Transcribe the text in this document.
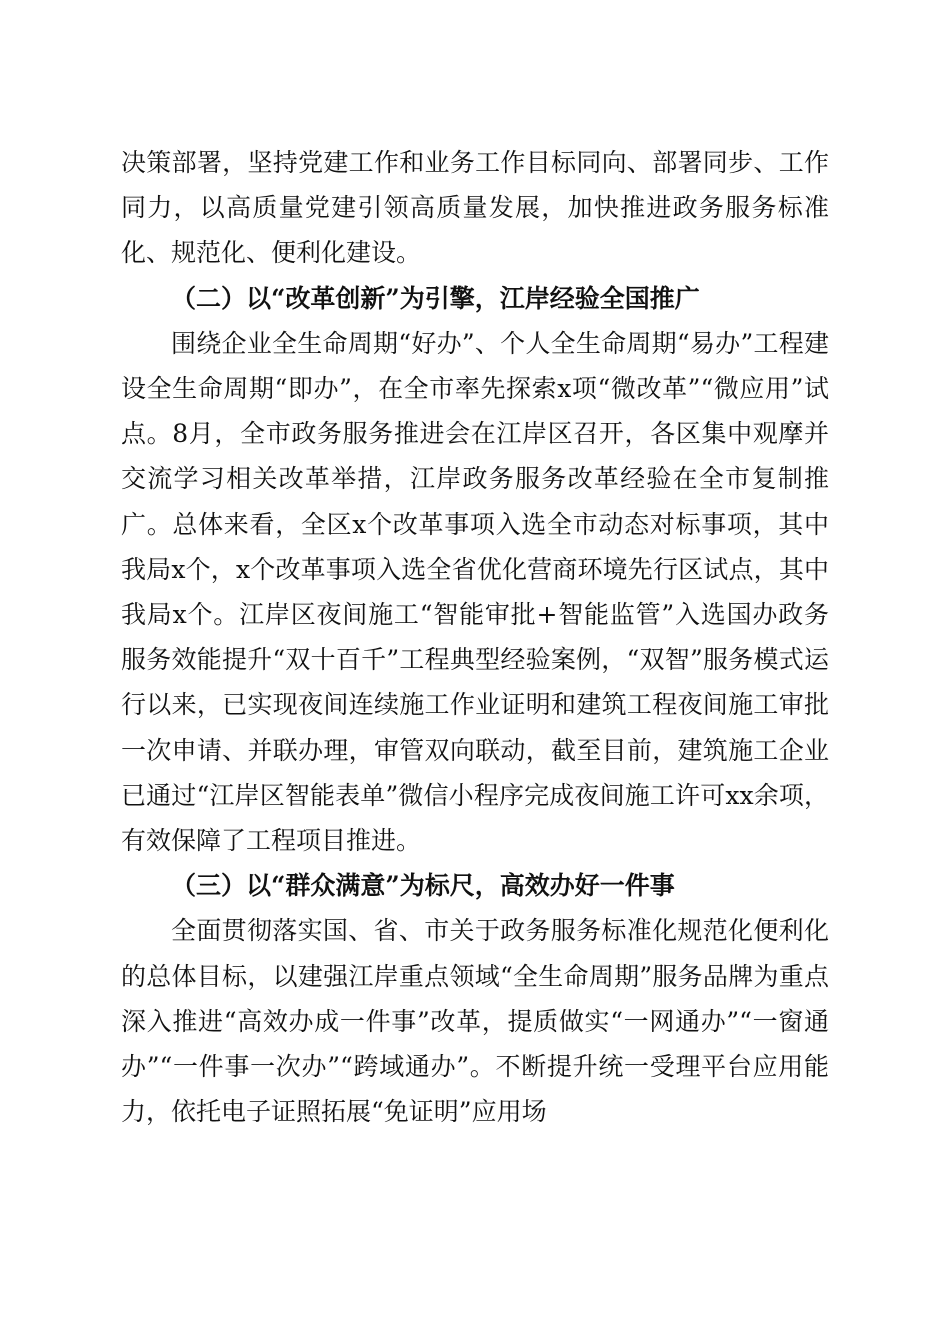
决策部署，坚持党建工作和业务工作目标同向、部署同步、工作同力，以高质量党建引领高质量发展，加快推进政务服务标准化、规范化、便利化建设。

（二）以“改革创新”为引擎，江岸经验全国推广

围绕企业全生命周期“好办”、个人全生命周期“易办”工程建设全生命周期“即办”，在全市率先探索x项“微改革”“微应用”试点。8月，全市政务服务推进会在江岸区召开，各区集中观摩并交流学习相关改革举措，江岸政务服务改革经验在全市复制推广。总体来看，全区x个改革事项入选全市动态对标事项，其中我局x个，x个改革事项入选全省优化营商环境先行区试点，其中我局x个。江岸区夜间施工“智能审批+智能监管”入选国办政务服务效能提升“双十百千”工程典型经验案例，“双智”服务模式运行以来，已实现夜间连续施工作业证明和建筑工程夜间施工审批一次申请、并联办理，审管双向联动，截至目前，建筑施工企业已通过“江岸区智能表单”微信小程序完成夜间施工许可xx余项，有效保障了工程项目推进。

（三）以“群众满意”为标尺，高效办好一件事

全面贯彻落实国、省、市关于政务服务标准化规范化便利化的总体目标，以建强江岸重点领域“全生命周期”服务品牌为重点深入推进“高效办成一件事”改革，提质做实“一网通办”“一窗通办”“一件事一次办”“跨域通办”。不断提升统一受理平台应用能力，依托电子证照拓展“免证明”应用场
